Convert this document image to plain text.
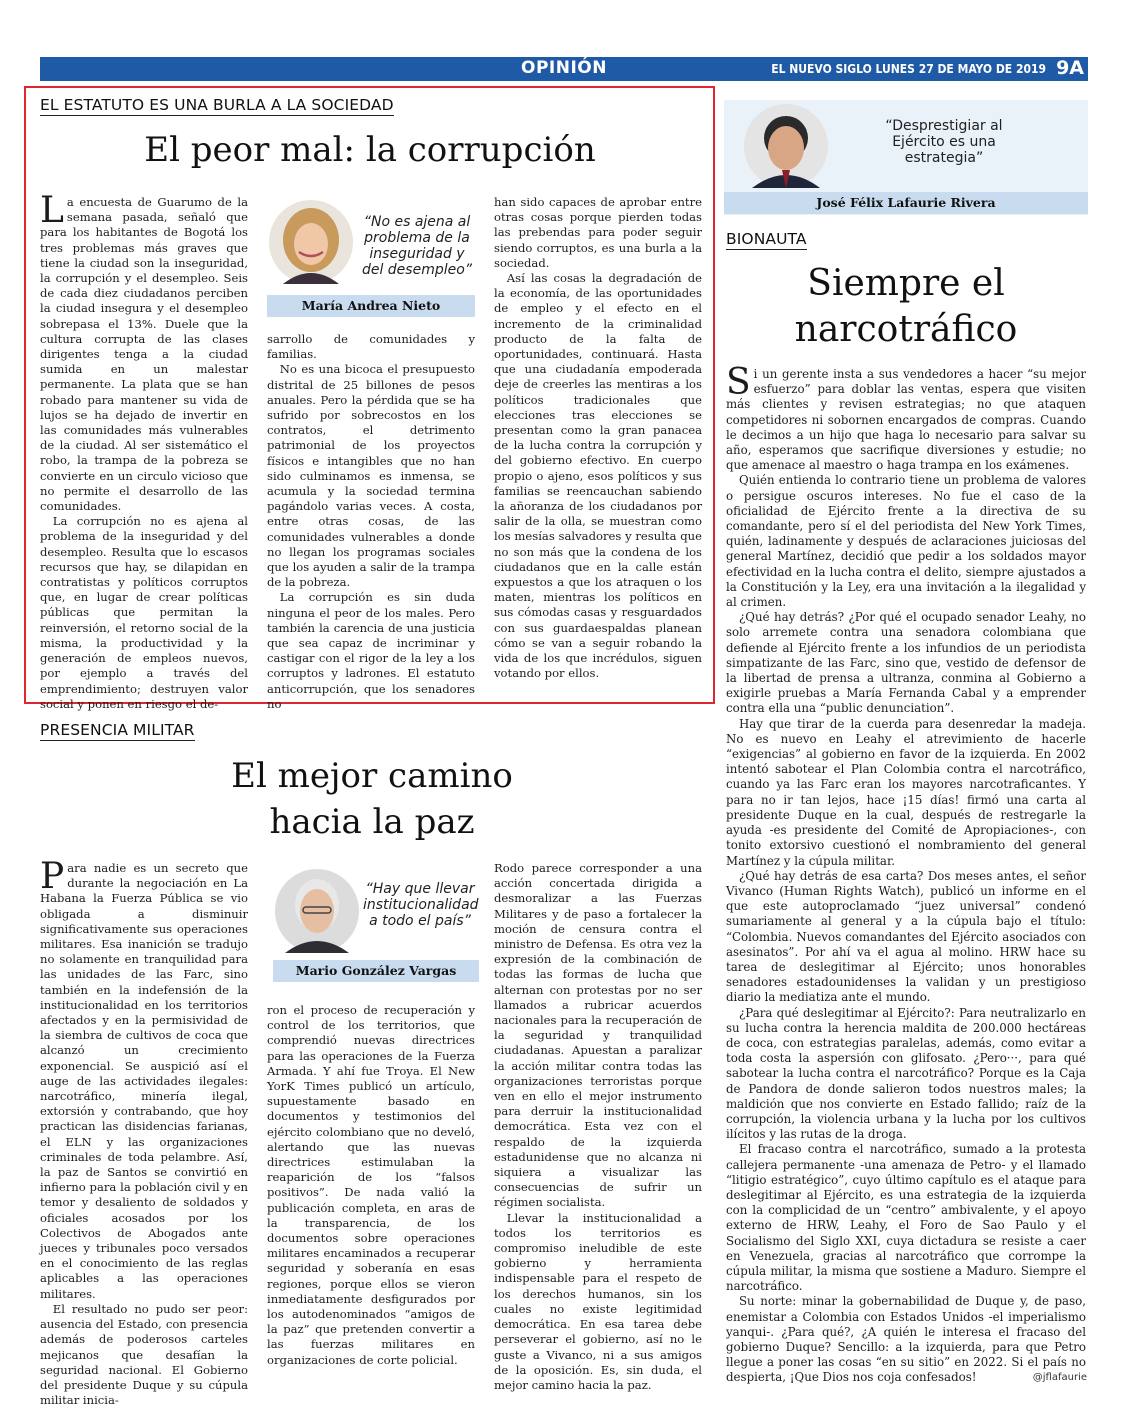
OPINIÓN	EL NUEVO SIGLO LUNES 27 DE MAYO DE 2019 9A
EL ESTATUTO ES UNA BURLA A LA SOCIEDAD
El peor mal: la corrupción

La encuesta de Guarumo de la semana pasada, señaló que para los habitantes de Bogotá los tres problemas más graves que tiene la ciudad son la inseguridad, la corrupción y el desempleo. Seis de cada diez ciudadanos perciben la ciudad insegura y el desempleo sobrepasa el 13%. Duele que la cultura corrupta de las clases dirigentes tenga a la ciudad sumida en un malestar permanente. La plata que se han robado para mantener su vida de lujos se ha dejado de invertir en las comunidades más vulnerables de la ciudad. Al ser sistemático el robo, la trampa de la pobreza se convierte en un circulo vicioso que no permite el desarrollo de las comunidades.

La corrupción no es ajena al problema de la inseguridad y del desempleo. Resulta que lo escasos recursos que hay, se dilapidan en contratistas y políticos corruptos que, en lugar de crear políticas públicas que permitan la reinversión, el retorno social de la misma, la productividad y la generación de empleos nuevos, por ejemplo a través del emprendimiento; destruyen valor social y ponen en riesgo el de-

“No es ajena al problema de la inseguridad y del desempleo”
María Andrea Nieto

sarrollo de comunidades y familias.

No es una bicoca el presupuesto distrital de 25 billones de pesos anuales. Pero la pérdida que se ha sufrido por sobrecostos en los contratos, el detrimento patrimonial de los proyectos físicos e intangibles que no han sido culminamos es inmensa, se acumula y la sociedad termina pagándolo varias veces. A costa, entre otras cosas, de las comunidades vulnerables a donde no llegan los programas sociales que los ayuden a salir de la trampa de la pobreza.

La corrupción es sin duda ninguna el peor de los males. Pero también la carencia de una justicia que sea capaz de incriminar y castigar con el rigor de la ley a los corruptos y ladrones. El estatuto anticorrupción, que los senadores no

han sido capaces de aprobar entre otras cosas porque pierden todas las prebendas para poder seguir siendo corruptos, es una burla a la sociedad.

Así las cosas la degradación de la economía, de las oportunidades de empleo y el efecto en el incremento de la criminalidad producto de la falta de oportunidades, continuará. Hasta que una ciudadanía empoderada deje de creerles las mentiras a los políticos tradicionales que elecciones tras elecciones se presentan como la gran panacea de la lucha contra la corrupción y del gobierno efectivo. En cuerpo propio o ajeno, esos políticos y sus familias se reencauchan sabiendo la añoranza de los ciudadanos por salir de la olla, se muestran como los mesías salvadores y resulta que no son más que la condena de los ciudadanos que en la calle están expuestos a que los atraquen o los maten, mientras los políticos en sus cómodas casas y resguardados con sus guardaespaldas planean cómo se van a seguir robando la vida de los que incrédulos, siguen votando por ellos.

PRESENCIA MILITAR
El mejor camino
hacia la paz

Para nadie es un secreto que durante la negociación en La Habana la Fuerza Pública se vio obligada a disminuir significativamente sus operaciones militares. Esa inanición se tradujo no solamente en tranquilidad para las unidades de las Farc, sino también en la indefensión de la institucionalidad en los territorios afectados y en la permisividad de la siembra de cultivos de coca que alcanzó un crecimiento exponencial. Se auspició así el auge de las actividades ilegales: narcotráfico, minería ilegal, extorsión y contrabando, que hoy practican las disidencias farianas, el ELN y las organizaciones criminales de toda pelambre. Así, la paz de Santos se convirtió en infierno para la población civil y en temor y desaliento de soldados y oficiales acosados por los Colectivos de Abogados ante jueces y tribunales poco versados en el conocimiento de las reglas aplicables a las operaciones militares.

El resultado no pudo ser peor: ausencia del Estado, con presencia además de poderosos carteles mejicanos que desafían la seguridad nacional. El Gobierno del presidente Duque y su cúpula militar inicia-

“Hay que llevar institucionalidad a todo el país”
Mario González Vargas

ron el proceso de recuperación y control de los territorios, que comprendió nuevas directrices para las operaciones de la Fuerza Armada. Y ahí fue Troya. El New YorK Times publicó un artículo, supuestamente basado en documentos y testimonios del ejército colombiano que no develó, alertando que las nuevas directrices estimulaban la reaparición de los “falsos positivos”. De nada valió la publicación completa, en aras de la transparencia, de los documentos sobre operaciones militares encaminados a recuperar seguridad y soberanía en esas regiones, porque ellos se vieron inmediatamente desfigurados por los autodenominados “amigos de la paz” que pretenden convertir a las fuerzas militares en organizaciones de corte policial.

Rodo parece corresponder a una acción concertada dirigida a desmoralizar a las Fuerzas Militares y de paso a fortalecer la moción de censura contra el ministro de Defensa. Es otra vez la expresión de la combinación de todas las formas de lucha que alternan con protestas por no ser llamados a rubricar acuerdos nacionales para la recuperación de la seguridad y tranquilidad ciudadanas. Apuestan a paralizar la acción militar contra todas las organizaciones terroristas porque ven en ello el mejor instrumento para derruir la institucionalidad democrática. Esta vez con el respaldo de la izquierda estadunidense que no alcanza ni siquiera a visualizar las consecuencias de sufrir un régimen socialista.

Llevar la institucionalidad a todos los territorios es compromiso ineludible de este gobierno y herramienta indispensable para el respeto de los derechos humanos, sin los cuales no existe legitimidad democrática. En esa tarea debe perseverar el gobierno, así no le guste a Vivanco, ni a sus amigos de la oposición. Es, sin duda, el mejor camino hacia la paz.

“Desprestigiar al Ejército es una estrategia”
José Félix Lafaurie Rivera
BIONAUTA
Siempre el
narcotráfico

Si un gerente insta a sus vendedores a hacer “su mejor esfuerzo” para doblar las ventas, espera que visiten más clientes y revisen estrategias; no que ataquen competidores ni sobornen encargados de compras. Cuando le decimos a un hijo que haga lo necesario para salvar su año, esperamos que sacrifique diversiones y estudie; no que amenace al maestro o haga trampa en los exámenes.

Quién entienda lo contrario tiene un problema de valores o persigue oscuros intereses. No fue el caso de la oficialidad de Ejército frente a la directiva de su comandante, pero sí el del periodista del New York Times, quién, ladinamente y después de aclaraciones juiciosas del general Martínez, decidió que pedir a los soldados mayor efectividad en la lucha contra el delito, siempre ajustados a la Constitución y la Ley, era una invitación a la ilegalidad y al crimen.

¿Qué hay detrás? ¿Por qué el ocupado senador Leahy, no solo arremete contra una senadora colombiana que defiende al Ejército frente a los infundios de un periodista simpatizante de las Farc, sino que, vestido de defensor de la libertad de prensa a ultranza, conmina al Gobierno a exigirle pruebas a María Fernanda Cabal y a emprender contra ella una “public denunciation”.

Hay que tirar de la cuerda para desenredar la madeja. No es nuevo en Leahy el atrevimiento de hacerle “exigencias” al gobierno en favor de la izquierda. En 2002 intentó sabotear el Plan Colombia contra el narcotráfico, cuando ya las Farc eran los mayores narcotraficantes. Y para no ir tan lejos, hace ¡15 días! firmó una carta al presidente Duque en la cual, después de restregarle la ayuda -es presidente del Comité de Apropiaciones-, con tonito extorsivo cuestionó el nombramiento del general Martínez y la cúpula militar.

¿Qué hay detrás de esa carta? Dos meses antes, el señor Vivanco (Human Rights Watch), publicó un informe en el que este autoproclamado “juez universal” condenó sumariamente al general y a la cúpula bajo el título: “Colombia. Nuevos comandantes del Ejército asociados con asesinatos”. Por ahí va el agua al molino. HRW hace su tarea de deslegitimar al Ejército; unos honorables senadores estadounidenses la validan y un prestigioso diario la mediatiza ante el mundo.

¿Para qué deslegitimar al Ejército?: Para neutralizarlo en su lucha contra la herencia maldita de 200.000 hectáreas de coca, con estrategias paralelas, además, como evitar a toda costa la aspersión con glifosato. ¿Pero···, para qué sabotear la lucha contra el narcotráfico? Porque es la Caja de Pandora de donde salieron todos nuestros males; la maldición que nos convierte en Estado fallido; raíz de la corrupción, la violencia urbana y la lucha por los cultivos ilícitos y las rutas de la droga.

El fracaso contra el narcotráfico, sumado a la protesta callejera permanente -una amenaza de Petro- y el llamado “litigio estratégico”, cuyo último capítulo es el ataque para deslegitimar al Ejército, es una estrategia de la izquierda con la complicidad de un “centro” ambivalente, y el apoyo externo de HRW, Leahy, el Foro de Sao Paulo y el Socialismo del Siglo XXI, cuya dictadura se resiste a caer en Venezuela, gracias al narcotráfico que corrompe la cúpula militar, la misma que sostiene a Maduro. Siempre el narcotráfico.

Su norte: minar la gobernabilidad de Duque y, de paso, enemistar a Colombia con Estados Unidos -el imperialismo yanqui-. ¿Para qué?, ¿A quién le interesa el fracaso del gobierno Duque? Sencillo: a la izquierda, para que Petro llegue a poner las cosas “en su sitio” en 2022. Si el país no despierta, ¡Que Dios nos coja confesados!	@jflafaurie
